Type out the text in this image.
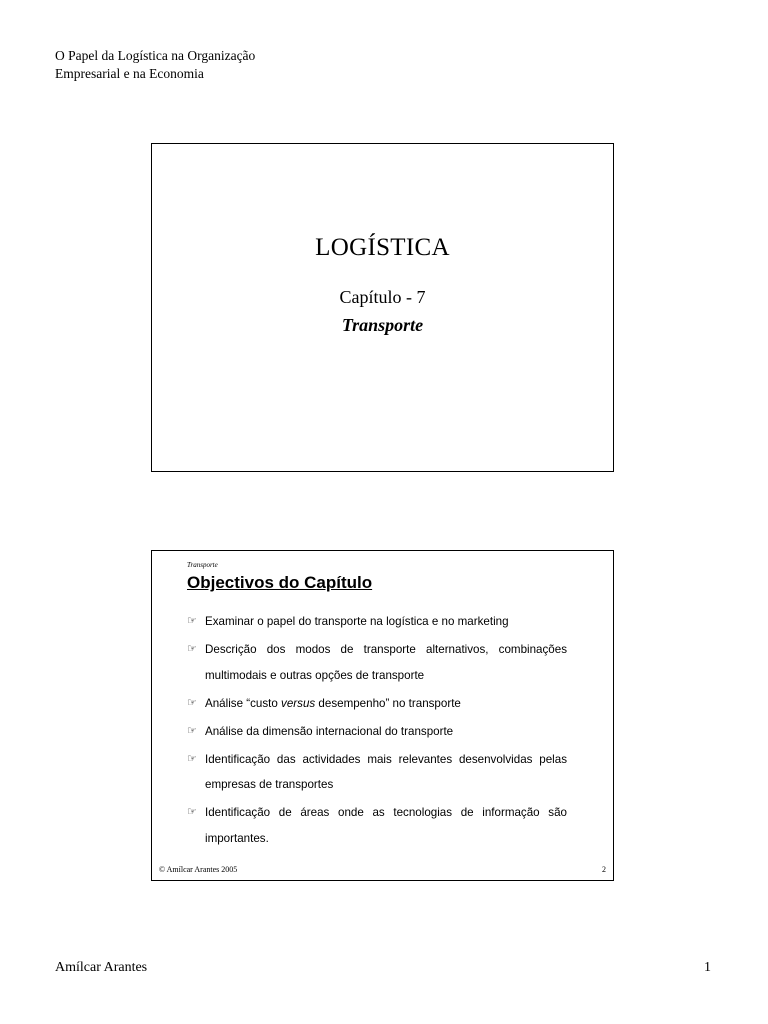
O Papel da Logística na Organização
Empresarial e na Economia
LOGÍSTICA
Capítulo - 7
Transporte
Transporte
Objectivos do Capítulo
☞ Examinar o papel do transporte na logística e no marketing
☞ Descrição dos modos de transporte alternativos, combinações multimodais e outras opções de transporte
☞ Análise “custo versus desempenho” no transporte
☞ Análise da dimensão internacional do transporte
☞ Identificação das actividades mais relevantes desenvolvidas pelas empresas de transportes
☞ Identificação de áreas onde as tecnologias de informação são importantes.
© Amílcar Arantes 2005	2
Amílcar Arantes	1
